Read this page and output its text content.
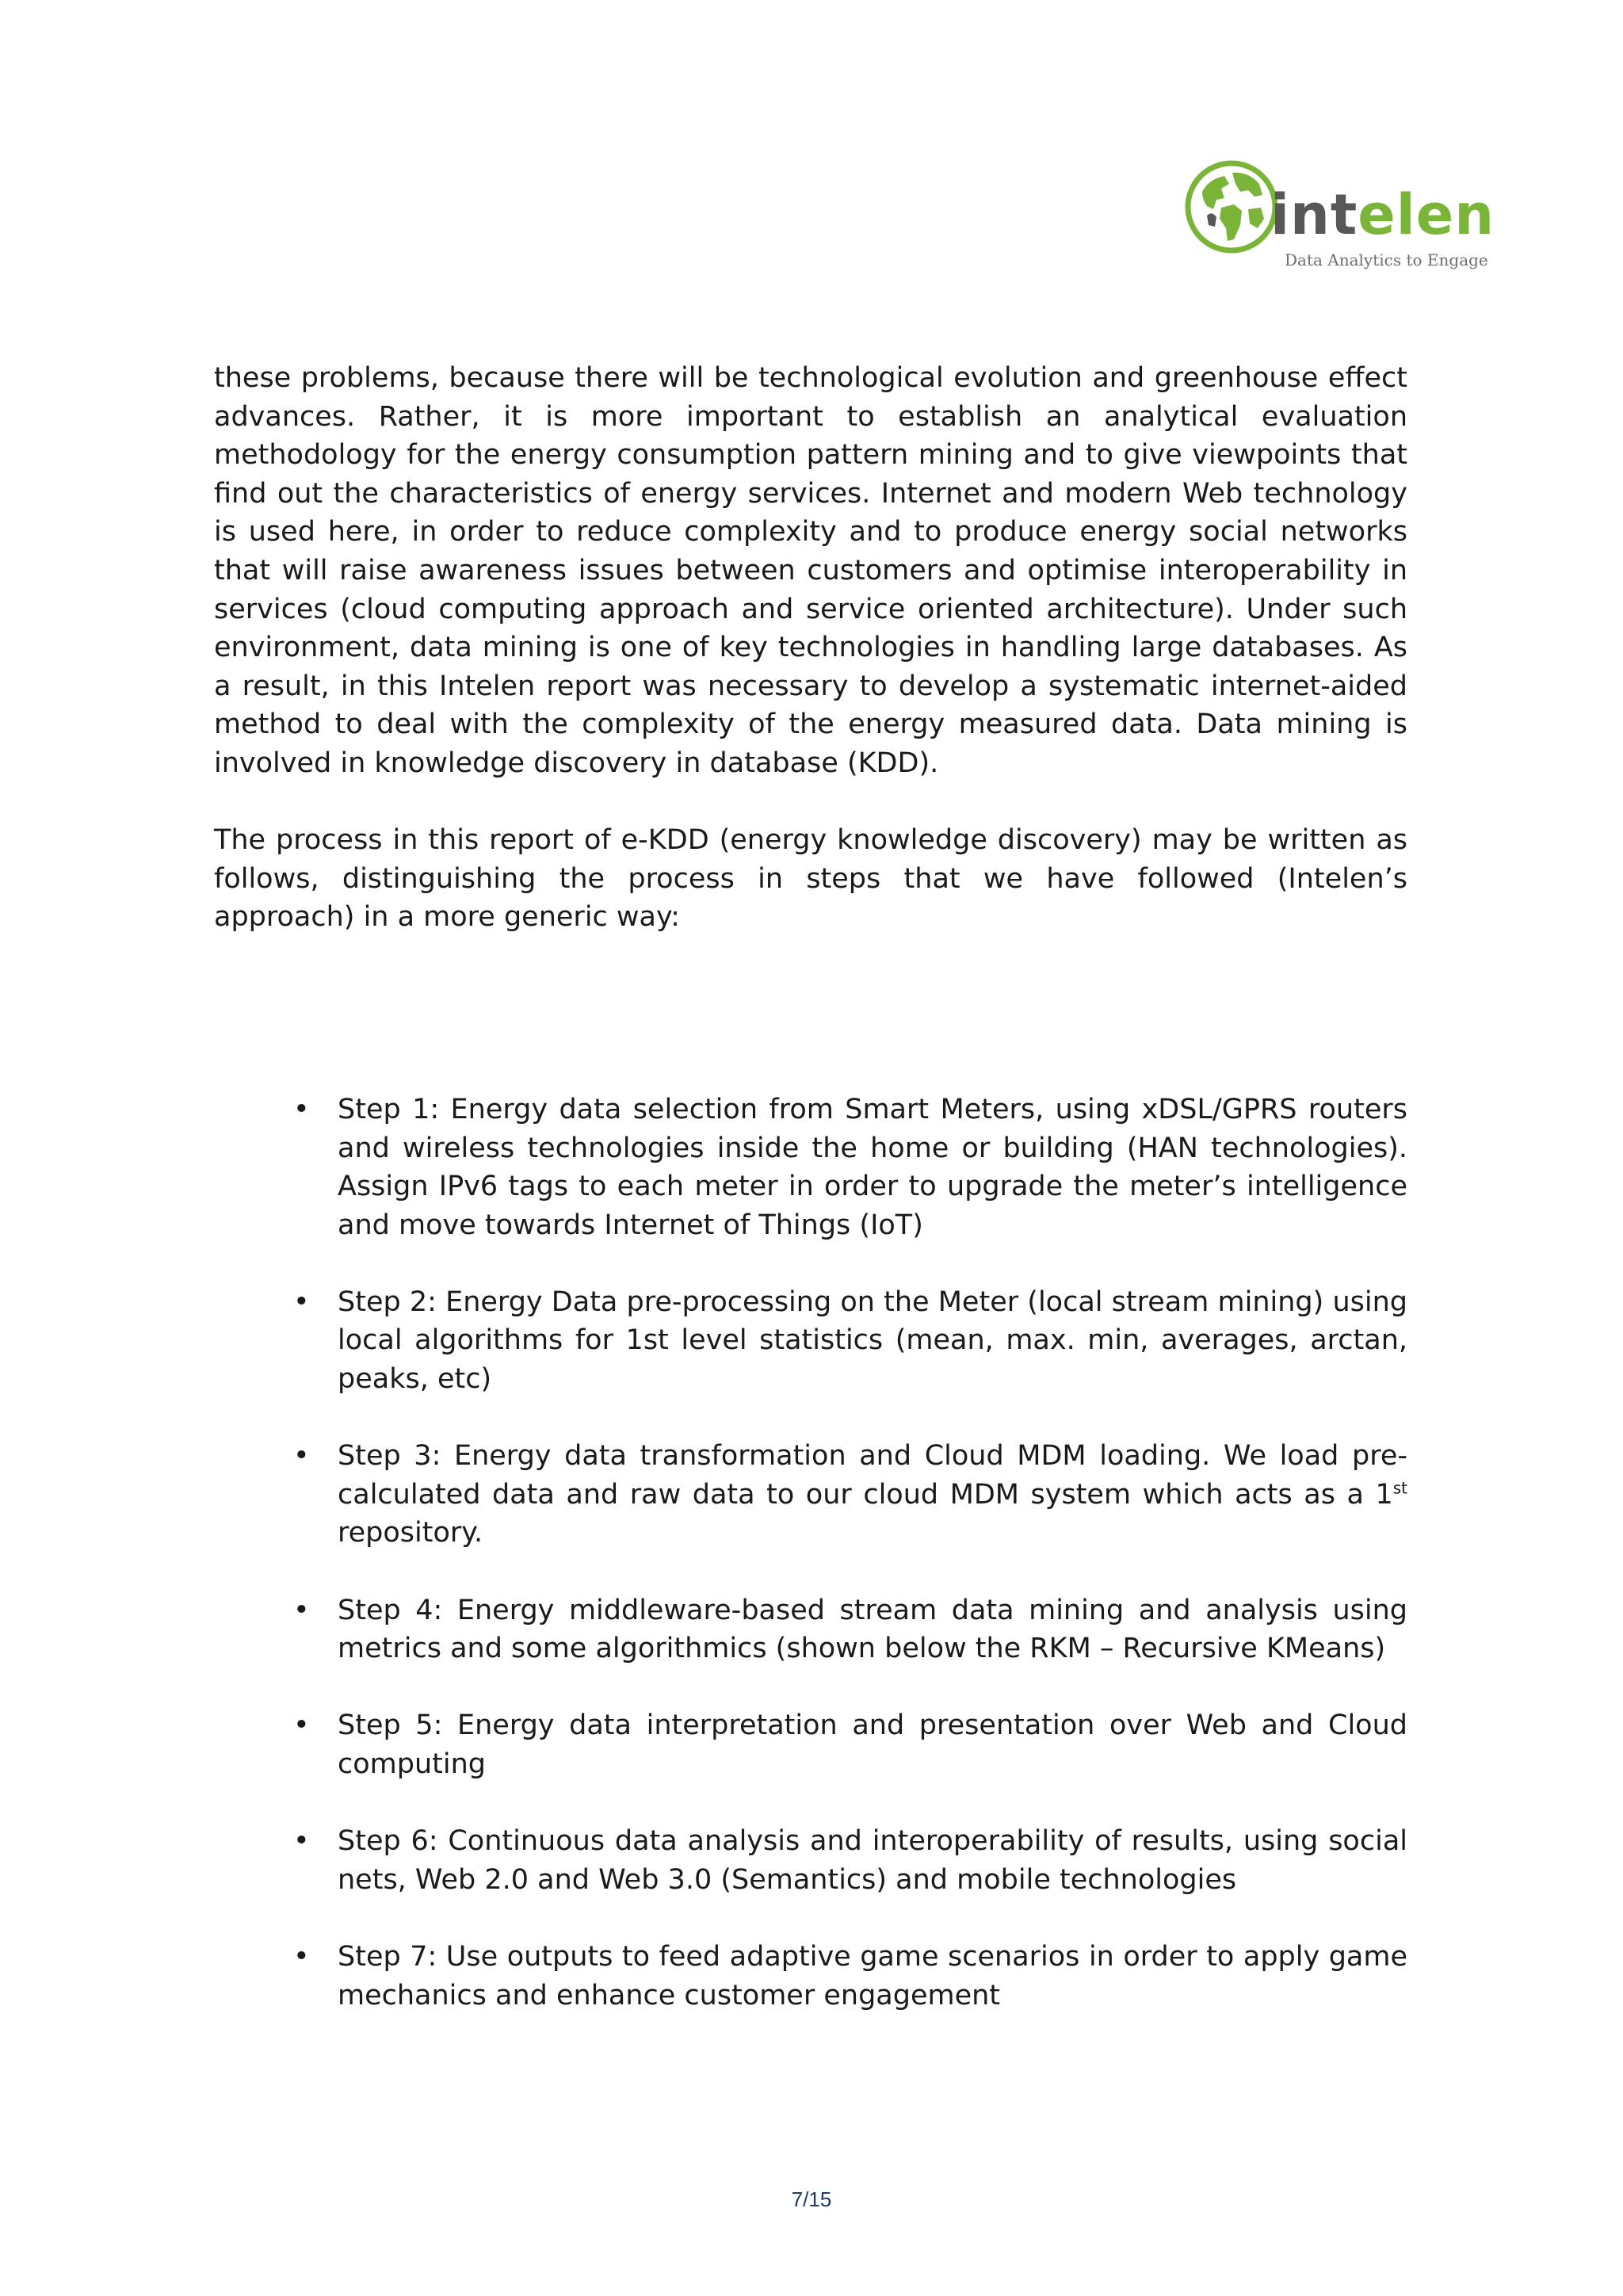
intelen

Data Analytics to Engage

these problems, because there will be technological evolution and greenhouse effect advances. Rather, it is more important to establish an analytical evaluation methodology for the energy consumption pattern mining and to give viewpoints that find out the characteristics of energy services. Internet and modern Web technology is used here, in order to reduce complexity and to produce energy social networks that will raise awareness issues between customers and optimise interoperability in services (cloud computing approach and service oriented architecture). Under such environment, data mining is one of key technologies in handling large databases. As a result, in this Intelen report was necessary to develop a systematic internet-aided method to deal with the complexity of the energy measured data. Data mining is involved in knowledge discovery in database (KDD).

The process in this report of e-KDD (energy knowledge discovery) may be written as follows, distinguishing the process in steps that we have followed (Intelen’s approach) in a more generic way:

• Step 1: Energy data selection from Smart Meters, using xDSL/GPRS routers and wireless technologies inside the home or building (HAN technologies). Assign IPv6 tags to each meter in order to upgrade the meter’s intelligence and move towards Internet of Things (IoT)
• Step 2: Energy Data pre-processing on the Meter (local stream mining) using local algorithms for 1st level statistics (mean, max. min, averages, arctan, peaks, etc)
• Step 3: Energy data transformation and Cloud MDM loading. We load pre-calculated data and raw data to our cloud MDM system which acts as a 1st repository.
• Step 4: Energy middleware-based stream data mining and analysis using metrics and some algorithmics (shown below the RKM – Recursive KMeans)
• Step 5: Energy data interpretation and presentation over Web and Cloud computing
• Step 6: Continuous data analysis and interoperability of results, using social nets, Web 2.0 and Web 3.0 (Semantics) and mobile technologies
• Step 7: Use outputs to feed adaptive game scenarios in order to apply game mechanics and enhance customer engagement

7/15
